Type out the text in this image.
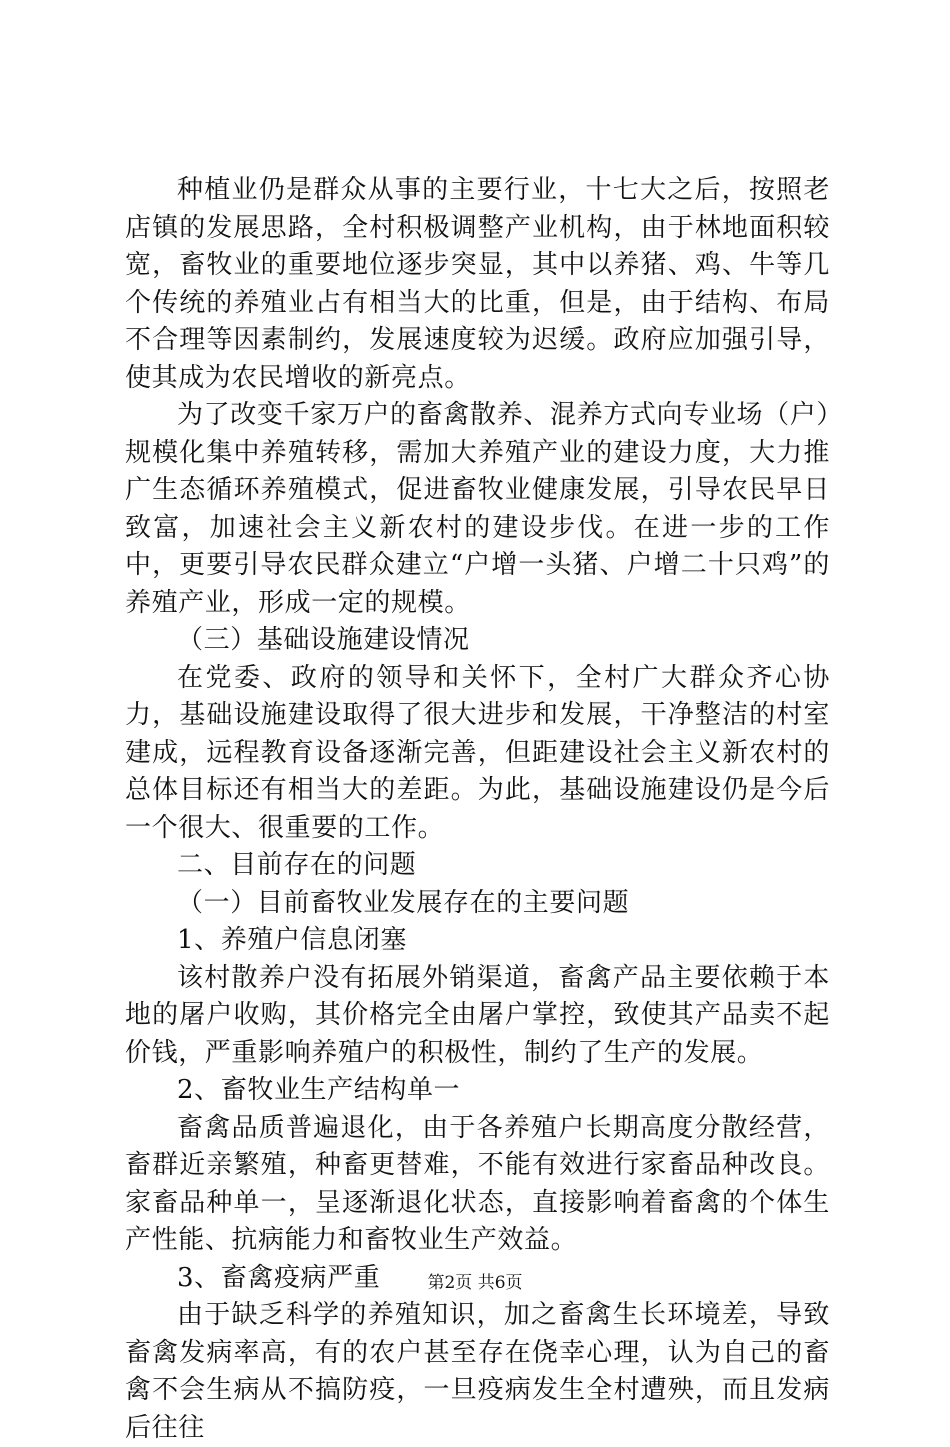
种植业仍是群众从事的主要行业，十七大之后，按照老店镇的发展思路，全村积极调整产业机构，由于林地面积较宽，畜牧业的重要地位逐步突显，其中以养猪、鸡、牛等几个传统的养殖业占有相当大的比重，但是，由于结构、布局不合理等因素制约，发展速度较为迟缓。政府应加强引导，使其成为农民增收的新亮点。

为了改变千家万户的畜禽散养、混养方式向专业场（户）规模化集中养殖转移，需加大养殖产业的建设力度，大力推广生态循环养殖模式，促进畜牧业健康发展，引导农民早日致富，加速社会主义新农村的建设步伐。在进一步的工作中，更要引导农民群众建立“户增一头猪、户增二十只鸡”的养殖产业，形成一定的规模。

（三）基础设施建设情况

在党委、政府的领导和关怀下，全村广大群众齐心协力，基础设施建设取得了很大进步和发展，干净整洁的村室建成，远程教育设备逐渐完善，但距建设社会主义新农村的总体目标还有相当大的差距。为此，基础设施建设仍是今后一个很大、很重要的工作。

二、目前存在的问题

（一）目前畜牧业发展存在的主要问题

1、养殖户信息闭塞

该村散养户没有拓展外销渠道，畜禽产品主要依赖于本地的屠户收购，其价格完全由屠户掌控，致使其产品卖不起价钱，严重影响养殖户的积极性，制约了生产的发展。

2、畜牧业生产结构单一

畜禽品质普遍退化，由于各养殖户长期高度分散经营，畜群近亲繁殖，种畜更替难，不能有效进行家畜品种改良。家畜品种单一，呈逐渐退化状态，直接影响着畜禽的个体生产性能、抗病能力和畜牧业生产效益。

3、畜禽疫病严重

由于缺乏科学的养殖知识，加之畜禽生长环境差，导致畜禽发病率高，有的农户甚至存在侥幸心理，认为自己的畜禽不会生病从不搞防疫，一旦疫病发生全村遭殃，而且发病后往往

第2页 共6页
